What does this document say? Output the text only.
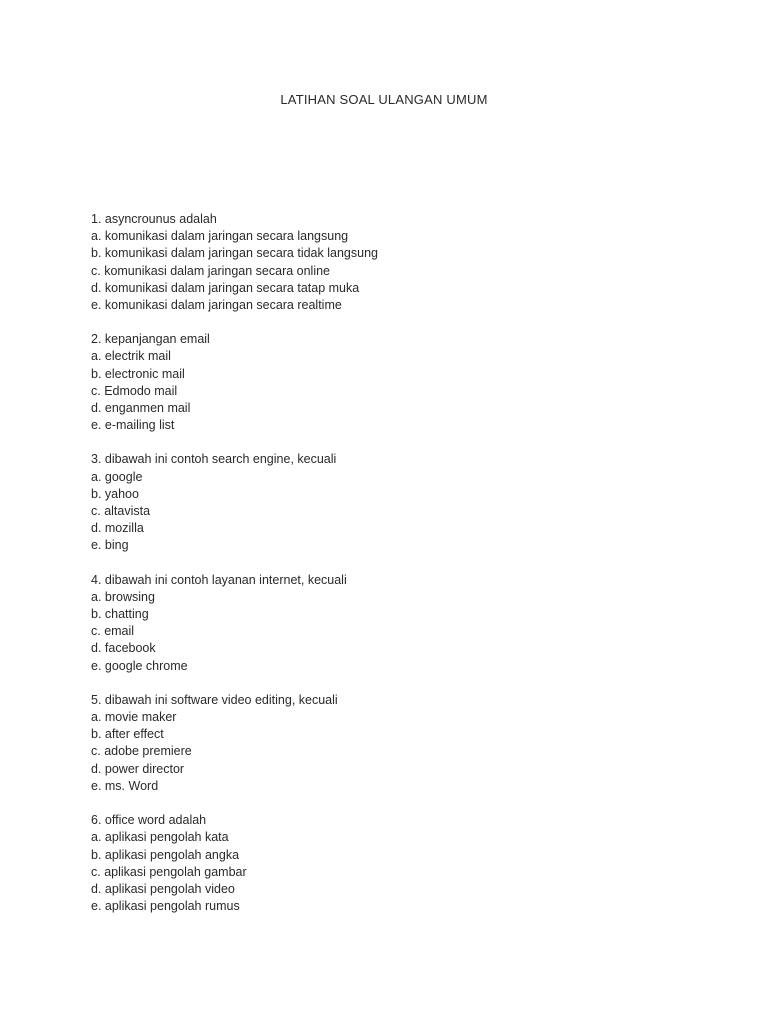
LATIHAN SOAL ULANGAN UMUM
1. asyncrounus adalah
a. komunikasi dalam jaringan secara langsung
b. komunikasi dalam jaringan secara tidak langsung
c. komunikasi dalam jaringan secara online
d. komunikasi dalam jaringan secara tatap muka
e. komunikasi dalam jaringan secara realtime
2. kepanjangan email
a. electrik mail
b. electronic mail
c. Edmodo mail
d. enganmen mail
e. e-mailing list
3. dibawah ini contoh search engine, kecuali
a. google
b. yahoo
c. altavista
d. mozilla
e. bing
4. dibawah ini contoh layanan internet, kecuali
a. browsing
b. chatting
c. email
d. facebook
e. google chrome
5. dibawah ini software video editing, kecuali
a. movie maker
b. after effect
c. adobe premiere
d. power director
e. ms. Word
6. office word adalah
a. aplikasi pengolah kata
b. aplikasi pengolah angka
c. aplikasi pengolah gambar
d. aplikasi pengolah video
e. aplikasi pengolah rumus
